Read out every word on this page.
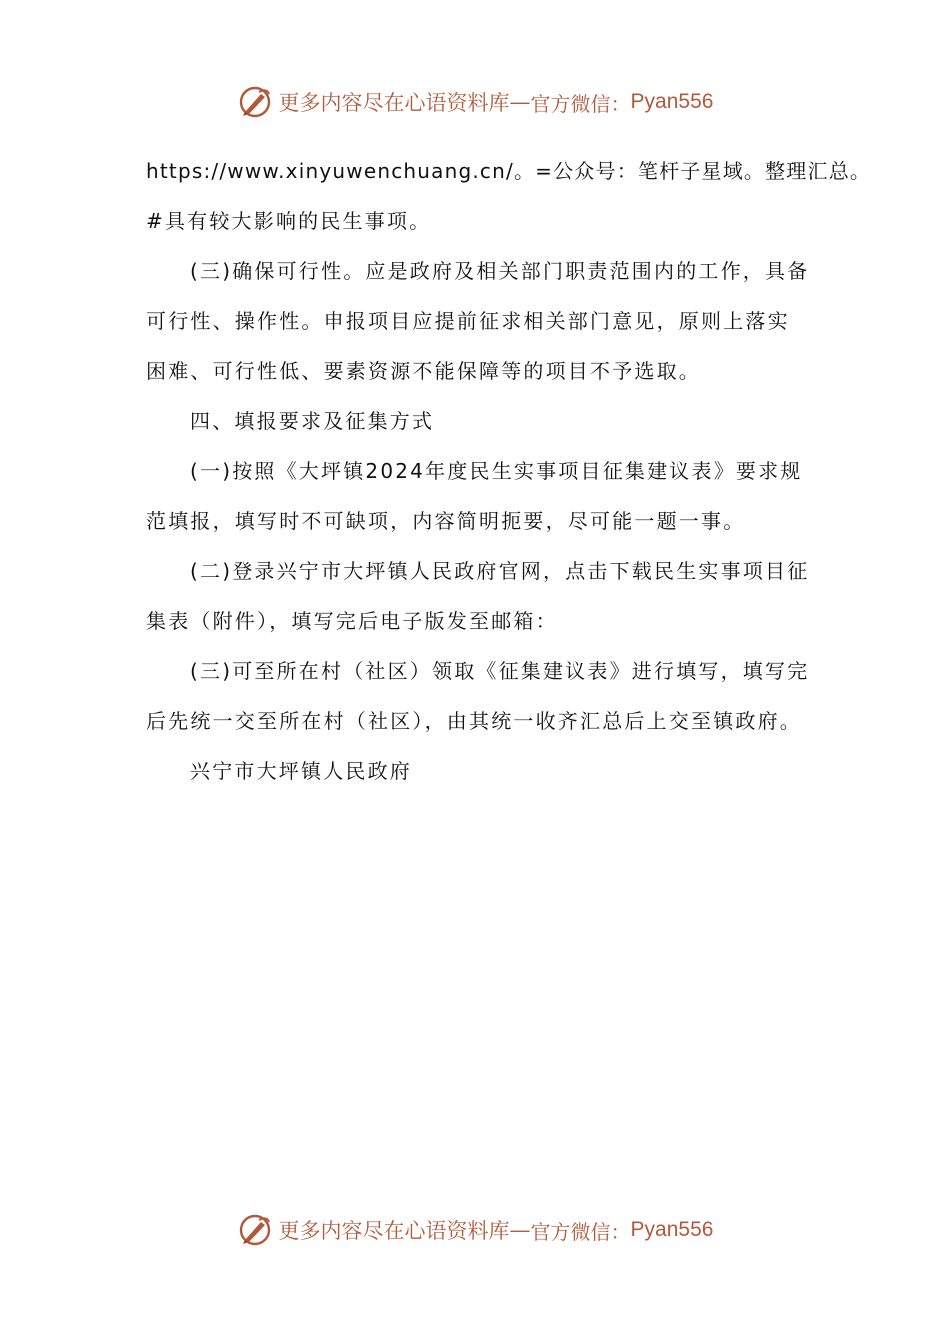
更多内容尽在心语资料库 — 官方微信： Pyan556
https://www.xinyuwenchuang.cn/。=公众号：笔杆子星域。整理汇总。
#具有较大影响的民生事项。
(三)确保可行性。应是政府及相关部门职责范围内的工作，具备
可行性、操作性。申报项目应提前征求相关部门意见，原则上落实
困难、可行性低、要素资源不能保障等的项目不予选取。
四、填报要求及征集方式
(一)按照《大坪镇2024年度民生实事项目征集建议表》要求规
范填报，填写时不可缺项，内容简明扼要，尽可能一题一事。
(二)登录兴宁市大坪镇人民政府官网，点击下载民生实事项目征
集表（附件），填写完后电子版发至邮箱：
(三)可至所在村（社区）领取《征集建议表》进行填写，填写完
后先统一交至所在村（社区），由其统一收齐汇总后上交至镇政府。
兴宁市大坪镇人民政府
更多内容尽在心语资料库 — 官方微信： Pyan556
